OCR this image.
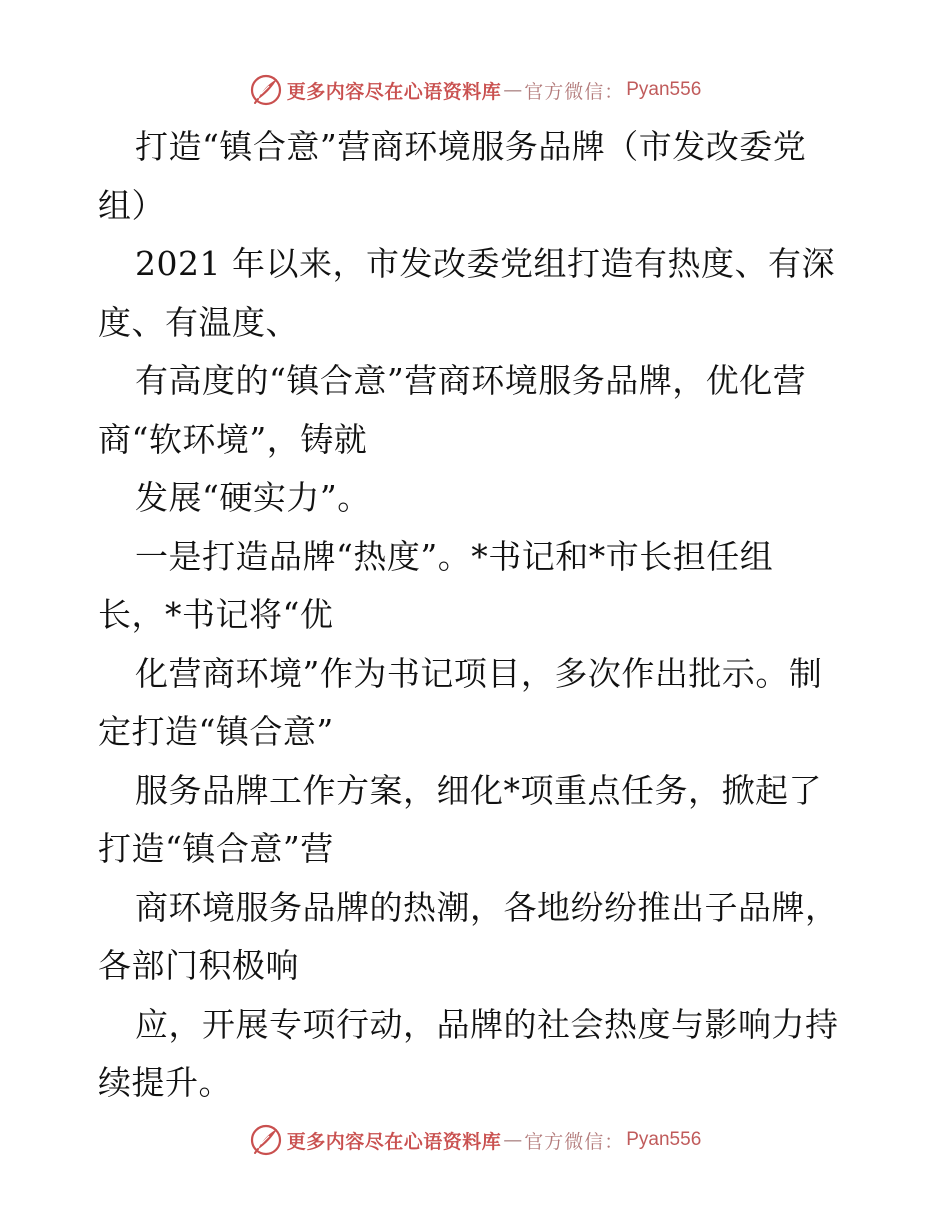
更多内容尽在心语资料库 — 官方微信： Pyan556
打造“镇合意”营商环境服务品牌（市发改委党
组）
2021 年以来，市发改委党组打造有热度、有深
度、有温度、
有高度的“镇合意”营商环境服务品牌，优化营
商“软环境”，铸就
发展“硬实力”。
一是打造品牌“热度”。*书记和*市长担任组
长，*书记将“优
化营商环境”作为书记项目，多次作出批示。制
定打造“镇合意”
服务品牌工作方案，细化*项重点任务，掀起了
打造“镇合意”营
商环境服务品牌的热潮，各地纷纷推出子品牌，
各部门积极响
应，开展专项行动，品牌的社会热度与影响力持
续提升。
更多内容尽在心语资料库 — 官方微信： Pyan556
